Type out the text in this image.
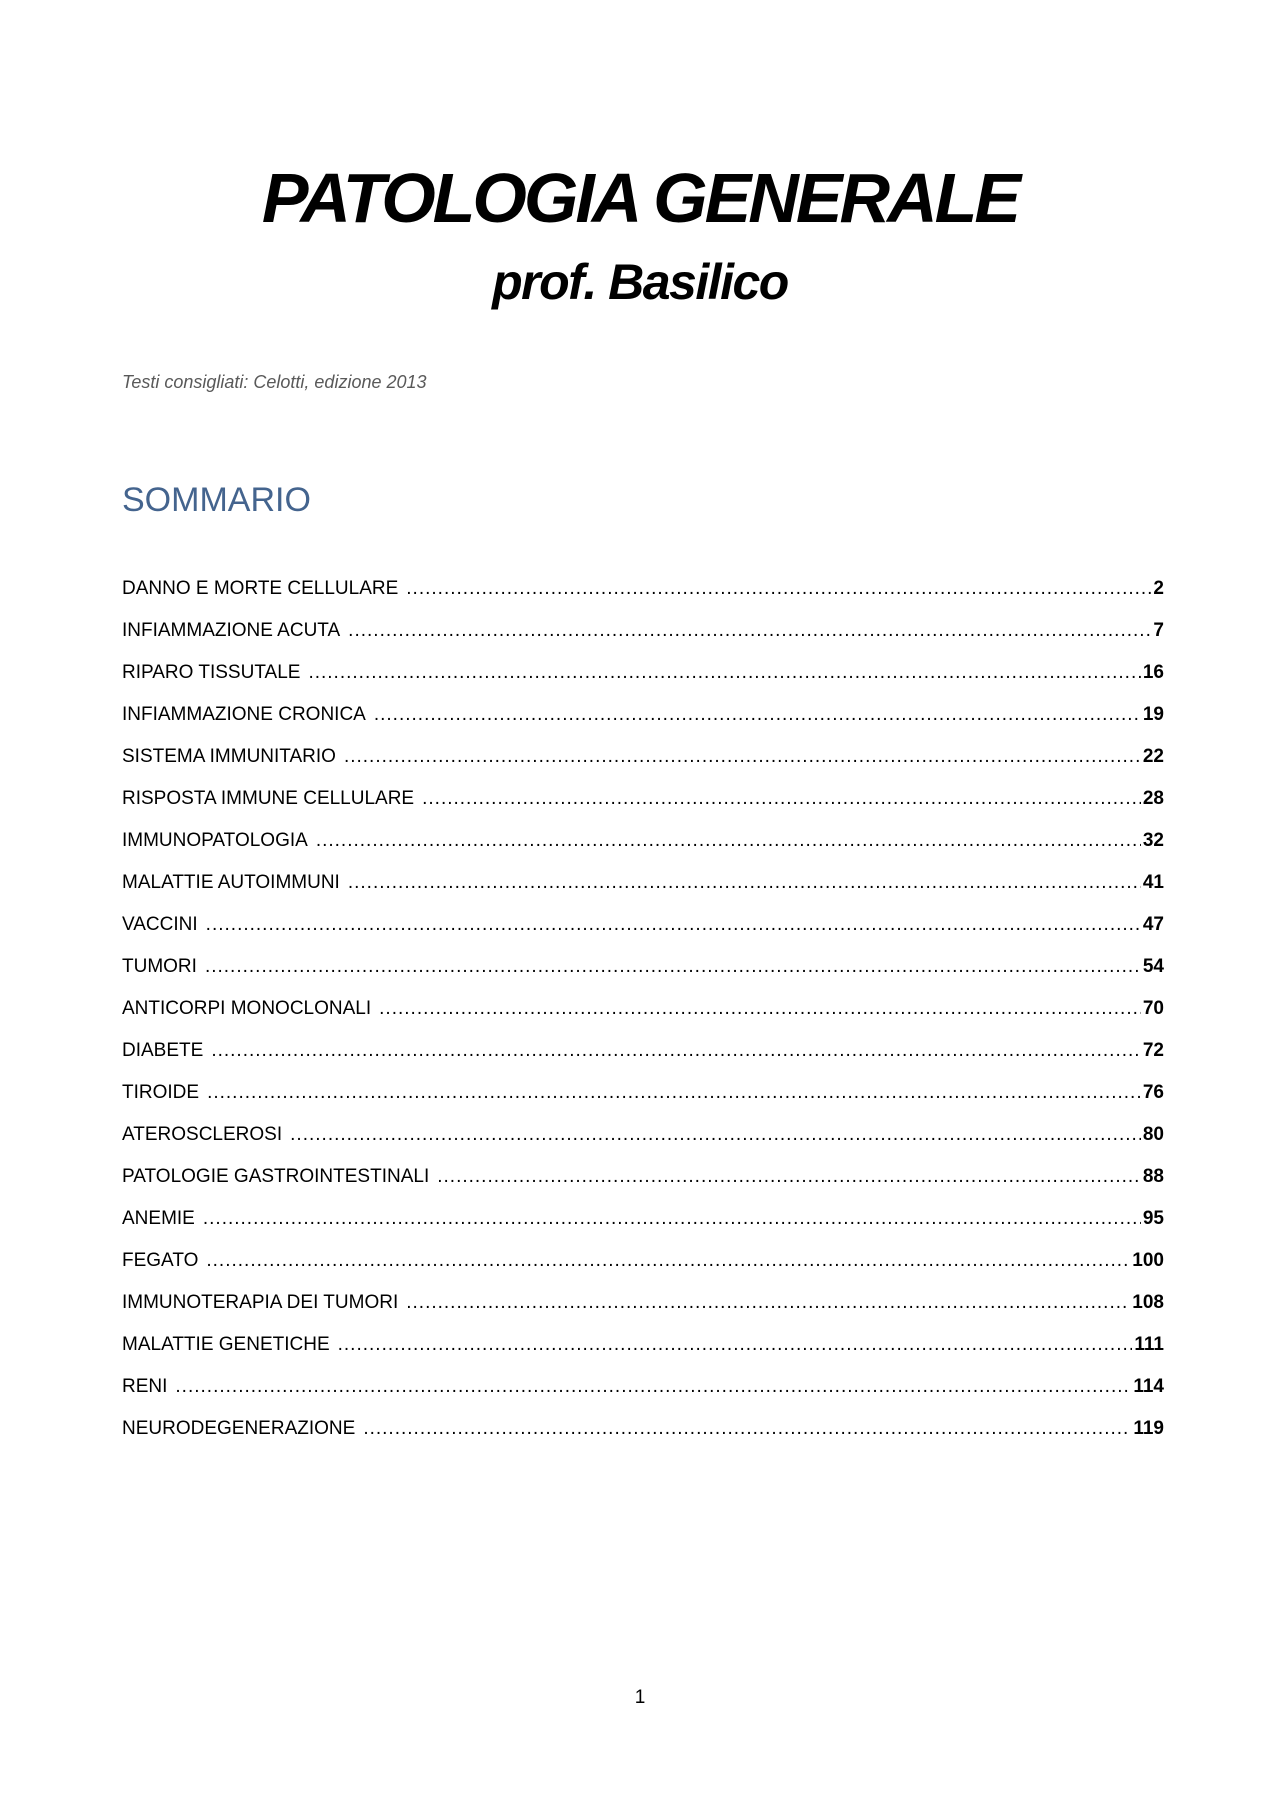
PATOLOGIA GENERALE
prof. Basilico
Testi consigliati: Celotti, edizione 2013
SOMMARIO
DANNO E MORTE CELLULARE .....	2
INFIAMMAZIONE ACUTA .....	7
RIPARO TISSUTALE .....	16
INFIAMMAZIONE CRONICA .....	19
SISTEMA IMMUNITARIO .....	22
RISPOSTA IMMUNE CELLULARE .....	28
IMMUNOPATOLOGIA .....	32
MALATTIE AUTOIMMUNI .....	41
VACCINI .....	47
TUMORI .....	54
ANTICORPI MONOCLONALI .....	70
DIABETE .....	72
TIROIDE .....	76
ATEROSCLEROSI .....	80
PATOLOGIE GASTROINTESTINALI .....	88
ANEMIE .....	95
FEGATO .....	100
IMMUNOTERAPIA DEI TUMORI .....	108
MALATTIE GENETICHE .....	111
RENI .....	114
NEURODEGENERAZIONE .....	119
1
